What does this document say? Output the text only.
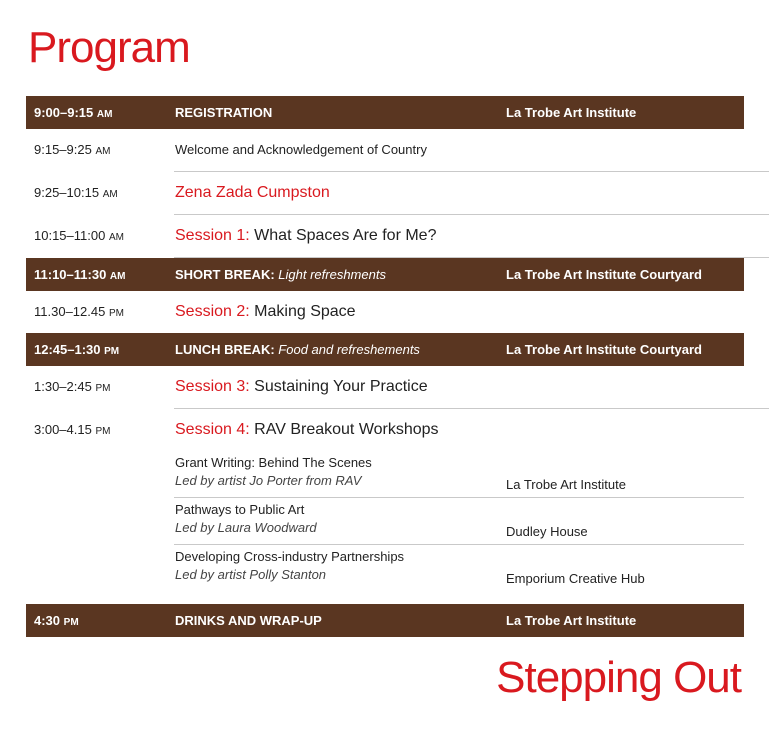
Program
9:00–9:15 AM	REGISTRATION	La Trobe Art Institute
9:15–9:25 AM	Welcome and Acknowledgement of Country
9:25–10:15 AM	Zena Zada Cumpston
10:15–11:00 AM	Session 1: What Spaces Are for Me?
11:10–11:30 AM	SHORT BREAK: Light refreshments	La Trobe Art Institute Courtyard
11.30–12.45 PM	Session 2: Making Space
12:45–1:30 PM	LUNCH BREAK: Food and refreshements	La Trobe Art Institute Courtyard
1:30–2:45 PM	Session 3: Sustaining Your Practice
3:00–4.15 PM	Session 4: RAV Breakout Workshops
Grant Writing: Behind The Scenes
Led by artist Jo Porter from RAV	La Trobe Art Institute
Pathways to Public Art
Led by Laura Woodward	Dudley House
Developing Cross-industry Partnerships
Led by artist Polly Stanton	Emporium Creative Hub
4:30 PM	DRINKS AND WRAP-UP	La Trobe Art Institute
Stepping Out
